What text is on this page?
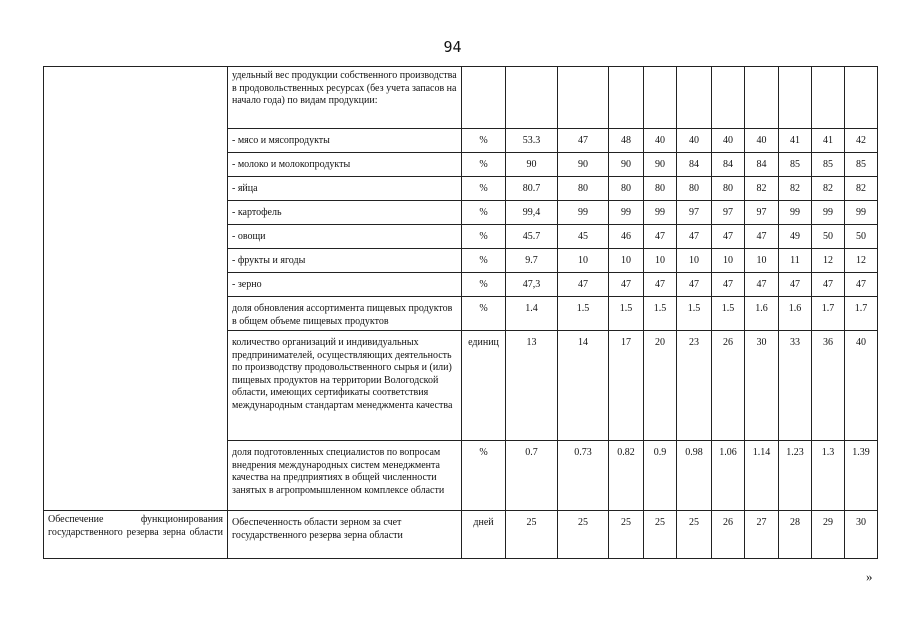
94
	удельный вес продукции собственного производства в продовольственных ресурсах (без учета запасов на начало года) по видам продукции:											
	- мясо и мясопродукты	%	53.3	47	48	40	40	40	40	41	41	42
	- молоко и молокопродукты	%	90	90	90	90	84	84	84	85	85	85
	- яйца	%	80.7	80	80	80	80	80	82	82	82	82
	- картофель	%	99,4	99	99	99	97	97	97	99	99	99
	- овощи	%	45.7	45	46	47	47	47	47	49	50	50
	- фрукты и ягоды	%	9.7	10	10	10	10	10	10	11	12	12
	- зерно	%	47,3	47	47	47	47	47	47	47	47	47
	доля обновления ассортимента пищевых продуктов в общем объеме пищевых продуктов	%	1.4	1.5	1.5	1.5	1.5	1.5	1.6	1.6	1.7	1.7
	количество организаций и индивидуальных предпринимателей, осуществляющих деятельность по производству продовольственного сырья и (или) пищевых продуктов на территории Вологодской области, имеющих сертификаты соответствия международным стандартам менеджмента качества	единиц	13	14	17	20	23	26	30	33	36	40
	доля подготовленных специалистов по вопросам внедрения международных систем менеджмента качества на предприятиях в общей численности занятых в агропромышленном комплексе области	%	0.7	0.73	0.82	0.9	0.98	1.06	1.14	1.23	1.3	1.39
Обеспечение функционирования государственного резерва зерна области	Обеспеченность области зерном за счет государственного резерва зерна области	дней	25	25	25	25	25	26	27	28	29	30
»
